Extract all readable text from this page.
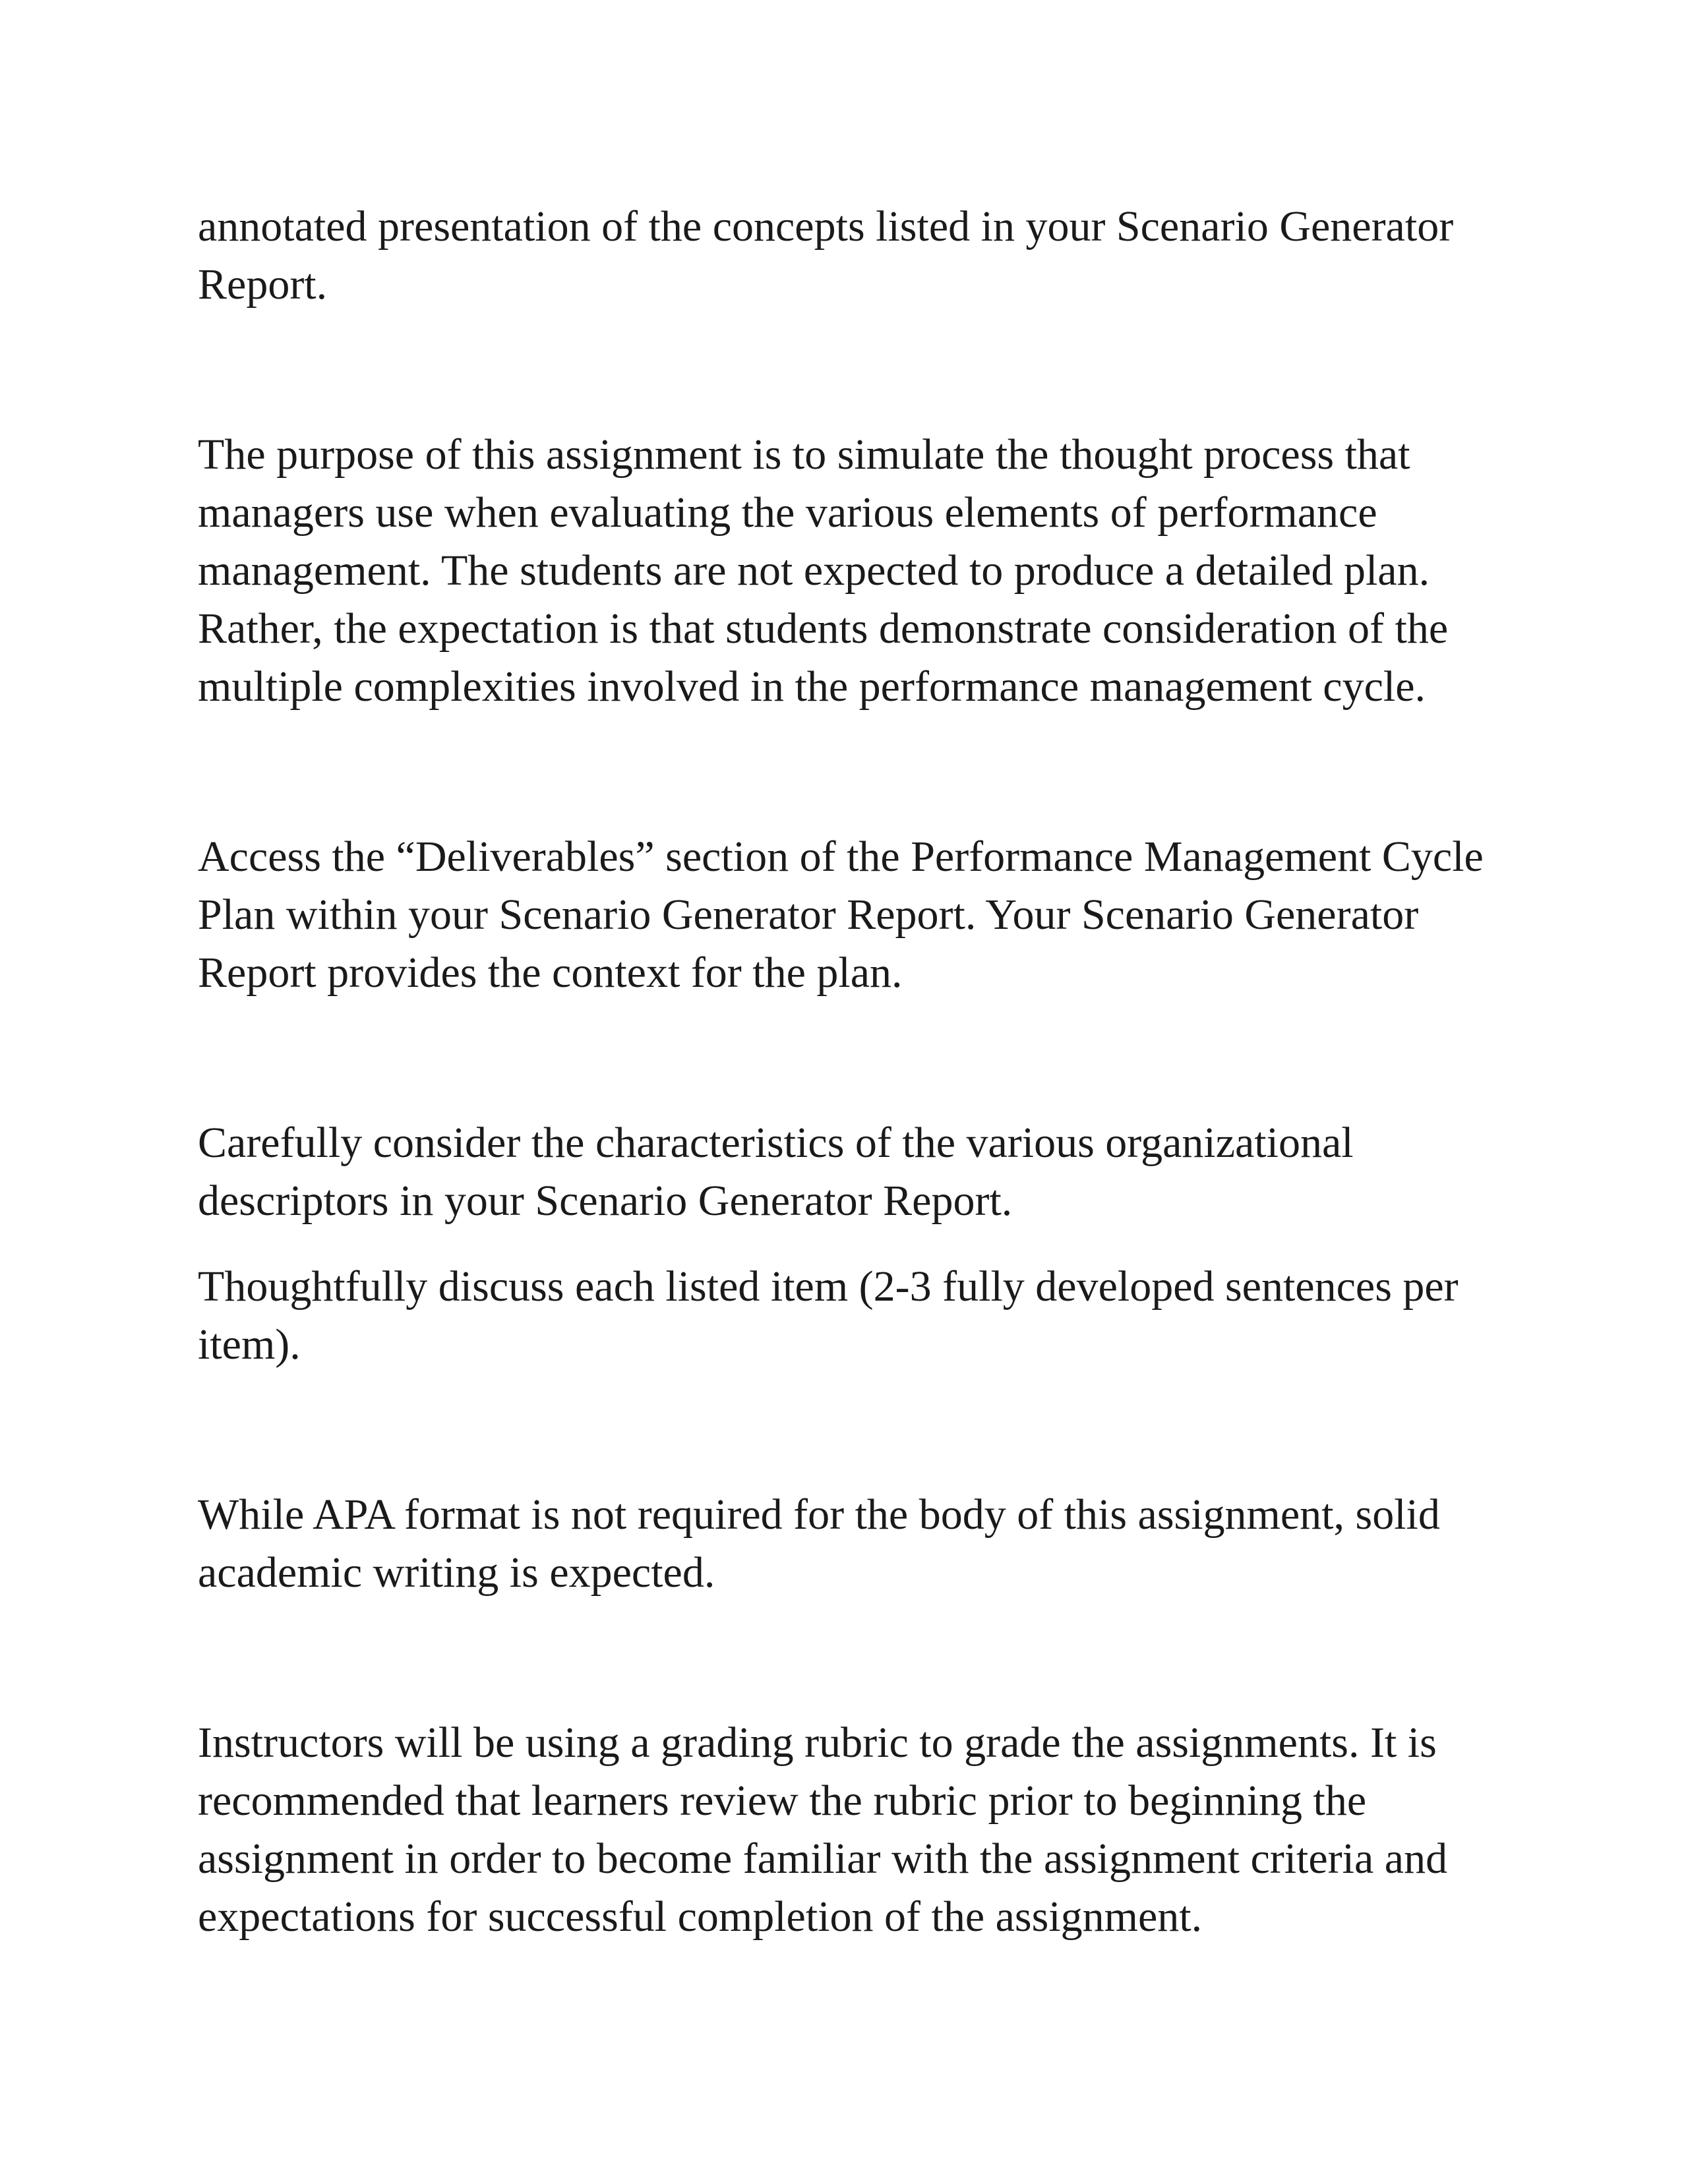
annotated presentation of the concepts listed in your Scenario Generator Report.

The purpose of this assignment is to simulate the thought process that managers use when evaluating the various elements of performance management. The students are not expected to produce a detailed plan. Rather, the expectation is that students demonstrate consideration of the multiple complexities involved in the performance management cycle.

Access the “Deliverables” section of the Performance Management Cycle Plan within your Scenario Generator Report. Your Scenario Generator Report provides the context for the plan.

Carefully consider the characteristics of the various organizational descriptors in your Scenario Generator Report.

Thoughtfully discuss each listed item (2-3 fully developed sentences per item).

While APA format is not required for the body of this assignment, solid academic writing is expected.

Instructors will be using a grading rubric to grade the assignments. It is recommended that learners review the rubric prior to beginning the assignment in order to become familiar with the assignment criteria and expectations for successful completion of the assignment.
